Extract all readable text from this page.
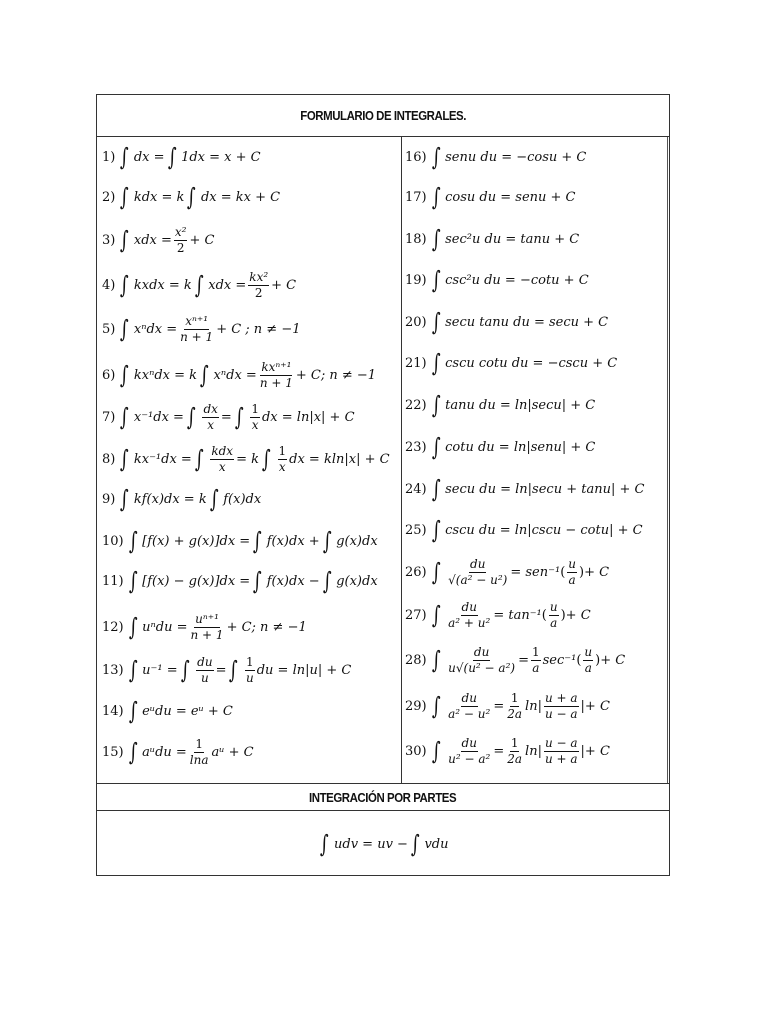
FORMULARIO DE INTEGRALES.
1) ∫ dx = ∫ 1dx = x + C
2) ∫ kdx = k ∫ dx = kx + C
3) ∫ xdx = $\frac{\text{x²}}{2} + C$
4) ∫ kxdx = k ∫ xdx = $\frac{\text{kx²}}{2} + C$
5) ∫ $x^ndx = \frac{\text{xⁿ⁺¹}}{n + 1} + C$ ; n ≠ −1
6) ∫ kxⁿdx = k ∫ xⁿdx =
kxⁿ⁺¹
n + 1 + C; n ≠ −1
7) ∫ x⁻¹dx = ∫ $\frac{dx}{x}$ = ∫ 1
x dx = ln|x| + C
8) ∫ kx⁻¹dx = ∫ kdx
x = k ∫ 1
x dx = kln|x| + C
9) ∫ kf(x)dx = k ∫ f(x)dx
10) ∫ [f(x) + g(x)]dx = ∫ f(x)dx + ∫ g(x)dx
11) ∫ [f(x) − g(x)]dx = ∫ f(x)dx − ∫ g(x)dx
12) ∫ $u^ndu = \frac{\text{uⁿ⁺¹}}{n + 1} + C$; n ≠ −1
13) ∫ u⁻¹ = ∫ $\frac{du}{u}$ = ∫ 1
u du = ln|u| + C
14) ∫ eᵘdu = eᵘ + C
15) ∫ aᵘdu = $\frac{1}{\ln a}$ aᵘ + C
16) ∫ senu du = −cosu + C
17) ∫ cosu du = senu + C
18) ∫ sec²u du = tanu + C
19) ∫ csc²u du = −cotu + C
20) ∫ secu tanu du = secu + C
21) ∫ cscu cotu du = −cscu + C
22) ∫ tanu du = ln|secu| + C
23) ∫ cotu du = ln|senu| + C
24) ∫ secu du = ln|secu + tanu| + C
25) ∫ cscu du = ln|cscu − cotu| + C
26) ∫ $\frac{du}{\text{√(a² − u²)}} = sen^{-1}$ (
u
a ) + C
27) ∫ $\frac{du}{\text{a² + u²}} = \tan^{-1}$ (
u
a ) + C
28) ∫ $\frac{du}{\text{u√(u² − a²)}} = \frac{1}{a} \sec^{-1}$ (
u
a ) + C
29) ∫ $\frac{du}{\text{a² − u²}} = \frac{1}{2a}$ ln |
u + a
u − a | + C
30) ∫ $\frac{du}{\text{u² − a²}} = \frac{1}{2a}$ ln |
u − a
u + a | + C
INTEGRACIÓN POR PARTES
∫ udv = uv − ∫ vdu
